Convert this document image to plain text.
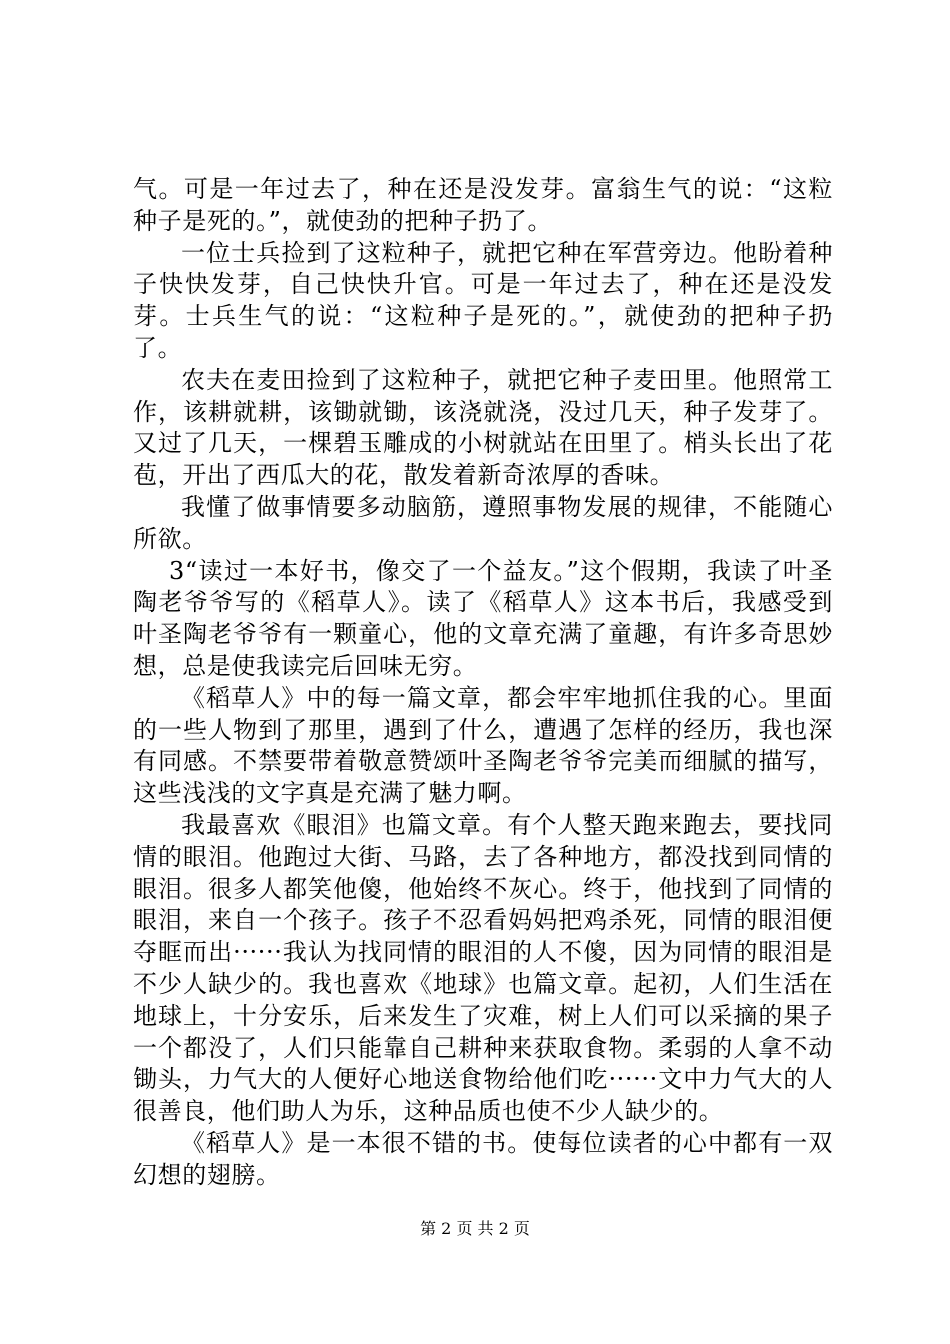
气。可是一年过去了，种在还是没发芽。富翁生气的说：“这粒种子是死的。”，就使劲的把种子扔了。

一位士兵捡到了这粒种子，就把它种在军营旁边。他盼着种子快快发芽，自己快快升官。可是一年过去了，种在还是没发芽。士兵生气的说：“这粒种子是死的。”，就使劲的把种子扔了。

农夫在麦田捡到了这粒种子，就把它种子麦田里。他照常工作，该耕就耕，该锄就锄，该浇就浇，没过几天，种子发芽了。又过了几天，一棵碧玉雕成的小树就站在田里了。梢头长出了花苞，开出了西瓜大的花，散发着新奇浓厚的香味。

我懂了做事情要多动脑筋，遵照事物发展的规律，不能随心所欲。

3“读过一本好书，像交了一个益友。”这个假期，我读了叶圣陶老爷爷写的《稻草人》。读了《稻草人》这本书后，我感受到叶圣陶老爷爷有一颗童心，他的文章充满了童趣，有许多奇思妙想，总是使我读完后回味无穷。

《稻草人》中的每一篇文章，都会牢牢地抓住我的心。里面的一些人物到了那里，遇到了什么，遭遇了怎样的经历，我也深有同感。不禁要带着敬意赞颂叶圣陶老爷爷完美而细腻的描写，这些浅浅的文字真是充满了魅力啊。

我最喜欢《眼泪》也篇文章。有个人整天跑来跑去，要找同情的眼泪。他跑过大街、马路，去了各种地方，都没找到同情的眼泪。很多人都笑他傻，他始终不灰心。终于，他找到了同情的眼泪，来自一个孩子。孩子不忍看妈妈把鸡杀死，同情的眼泪便夺眶而出······我认为找同情的眼泪的人不傻，因为同情的眼泪是不少人缺少的。我也喜欢《地球》也篇文章。起初，人们生活在地球上，十分安乐，后来发生了灾难，树上人们可以采摘的果子一个都没了，人们只能靠自己耕种来获取食物。柔弱的人拿不动锄头，力气大的人便好心地送食物给他们吃······文中力气大的人很善良，他们助人为乐，这种品质也使不少人缺少的。

《稻草人》是一本很不错的书。使每位读者的心中都有一双幻想的翅膀。

第 2 页 共 2 页
